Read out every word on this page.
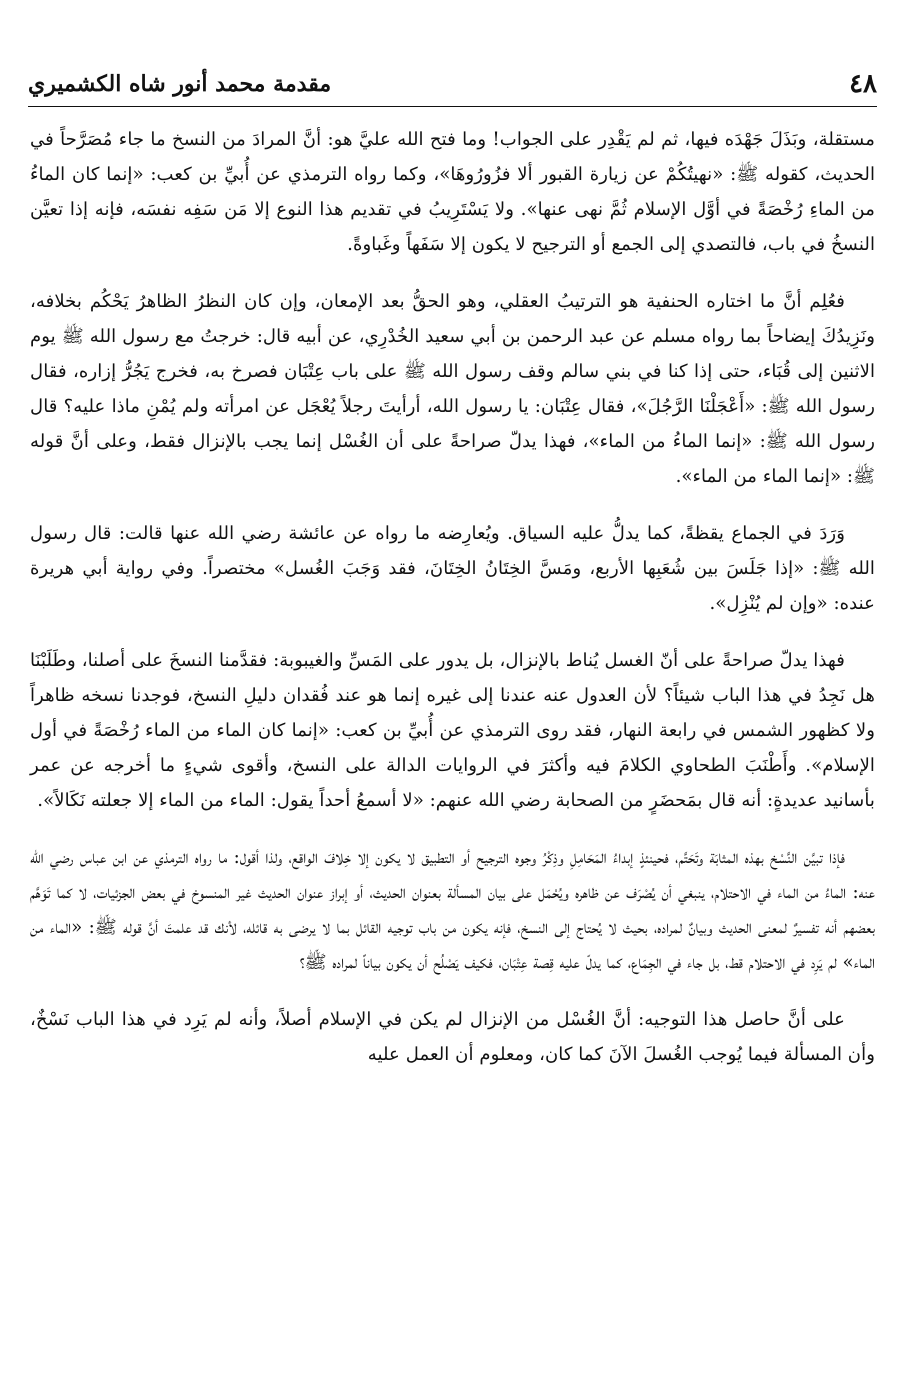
٤٨
مقدمة محمد أنور شاه الكشميري

مستقلة، وبَذَلَ جَهْدَه فيها، ثم لم يَقْدِر على الجواب! وما فتح الله عليَّ هو: أنَّ المرادَ من النسخ ما جاء مُصَرَّحاً في الحديث، كقوله ﷺ: «نهيتُكُمْ عن زيارة القبور ألا فزُورُوهَا»، وكما رواه الترمذي عن أُبيِّ بن كعب: «إنما كان الماءُ من الماءِ رُخْصَةً في أوَّل الإسلام ثُمَّ نهى عنها». ولا يَسْتَرِيبُ في تقديم هذا النوع إلا مَن سَفِه نفسَه، فإنه إذا تعيَّن النسخُ في باب، فالتصدي إلى الجمع أو الترجيح لا يكون إلا سَفَهاً وغَباوةً.

فعُلِم أنَّ ما اختاره الحنفية هو الترتيبُ العقلي، وهو الحقُّ بعد الإمعان، وإن كان النظرُ الظاهرُ يَحْكُم بخلافه، ونَزِيدُكَ إيضاحاً بما رواه مسلم عن عبد الرحمن بن أبي سعيد الخُدْرِي، عن أبيه قال: خرجتُ مع رسول الله ﷺ يوم الاثنين إلى قُبَاء، حتى إذا كنا في بني سالم وقف رسول الله ﷺ على باب عِتْبَان فصرخ به، فخرج يَجُرُّ إزاره، فقال رسول الله ﷺ: «أَعْجَلْنَا الرَّجُلَ»، فقال عِتْبَان: يا رسول الله، أرأيتَ رجلاً يُعْجَل عن امرأته ولم يُمْنِ ماذا عليه؟ قال رسول الله ﷺ: «إنما الماءُ من الماء»، فهذا يدلّ صراحةً على أن الغُسْل إنما يجب بالإنزال فقط، وعلى أنَّ قوله ﷺ: «إنما الماء من الماء».

وَرَدَ في الجماع يقظةً، كما يدلُّ عليه السياق. ويُعارِضه ما رواه عن عائشة رضي الله عنها قالت: قال رسول الله ﷺ: «إذا جَلَسَ بين شُعَبِها الأربع، ومَسَّ الخِتَانُ الخِتَانَ، فقد وَجَبَ الغُسل» مختصراً. وفي رواية أبي هريرة عنده: «وإن لم يُنْزِل».

فهذا يدلّ صراحةً على أنّ الغسل يُناط بالإنزال، بل يدور على المَسِّ والغيبوبة: فقدَّمنا النسخَ على أصلنا، وطَلَبْنَا هل نَجِدُ في هذا الباب شيئاً؟ لأن العدول عنه عندنا إلى غيره إنما هو عند فُقدان دليلِ النسخ، فوجدنا نسخه ظاهراً ولا كظهور الشمس في رابعة النهار، فقد روى الترمذي عن أُبيِّ بن كعب: «إنما كان الماء من الماء رُخْصَةً في أول الإسلام». وأَطْنَبَ الطحاوي الكلامَ فيه وأكثرَ في الروايات الدالة على النسخ، وأقوى شيءٍ ما أخرجه عن عمر بأسانيد عديدةٍ: أنه قال بمَحضَرٍ من الصحابة رضي الله عنهم: «لا أسمعُ أحداً يقول: الماء من الماء إلا جعلته نَكَالاً».

فإذا تبيَّن النَّسْخ بهذه المثابَة وتَحَتَّم، فحينئذٍ إبداءُ المَحَامِلِ وذِكْرُ وجوه الترجيح أو التطبيق لا يكون إلا خِلافَ الواقع، ولذا أقول: ما رواه الترمذي عن ابن عباس رضي الله عنه: الماءُ من الماء في الاحتلام، ينبغي أن يُصْرَف عن ظاهره ويُحْمَل على بيان المسألة بعنوان الحديث، أو إبراز عنوان الحديث غير المنسوخ في بعض الجزئيات، لا كما تَوَهَّم بعضهم أنه تفسيرٌ لمعنى الحديث وبيانٌ لمراده، بحيث لا يُحتاج إلى النسخ، فإنه يكون من باب توجيه القائل بما لا يرضى به قائله، لأنك قد علمتَ أنَّ قوله ﷺ: «الماء من الماء» لم يَرِد في الاحتلام قط، بل جاء في الجِمَاع، كما يدلّ عليه قِصة عِتْبَان، فكيف يَصْلُح أن يكون بياناً لمراده ﷺ؟

على أنَّ حاصل هذا التوجيه: أنَّ الغُسْل من الإنزال لم يكن في الإسلام أصلاً، وأنه لم يَرِد في هذا الباب نَسْخٌ، وأن المسألة فيما يُوجب الغُسلَ الآنَ كما كان، ومعلوم أن العمل عليه
